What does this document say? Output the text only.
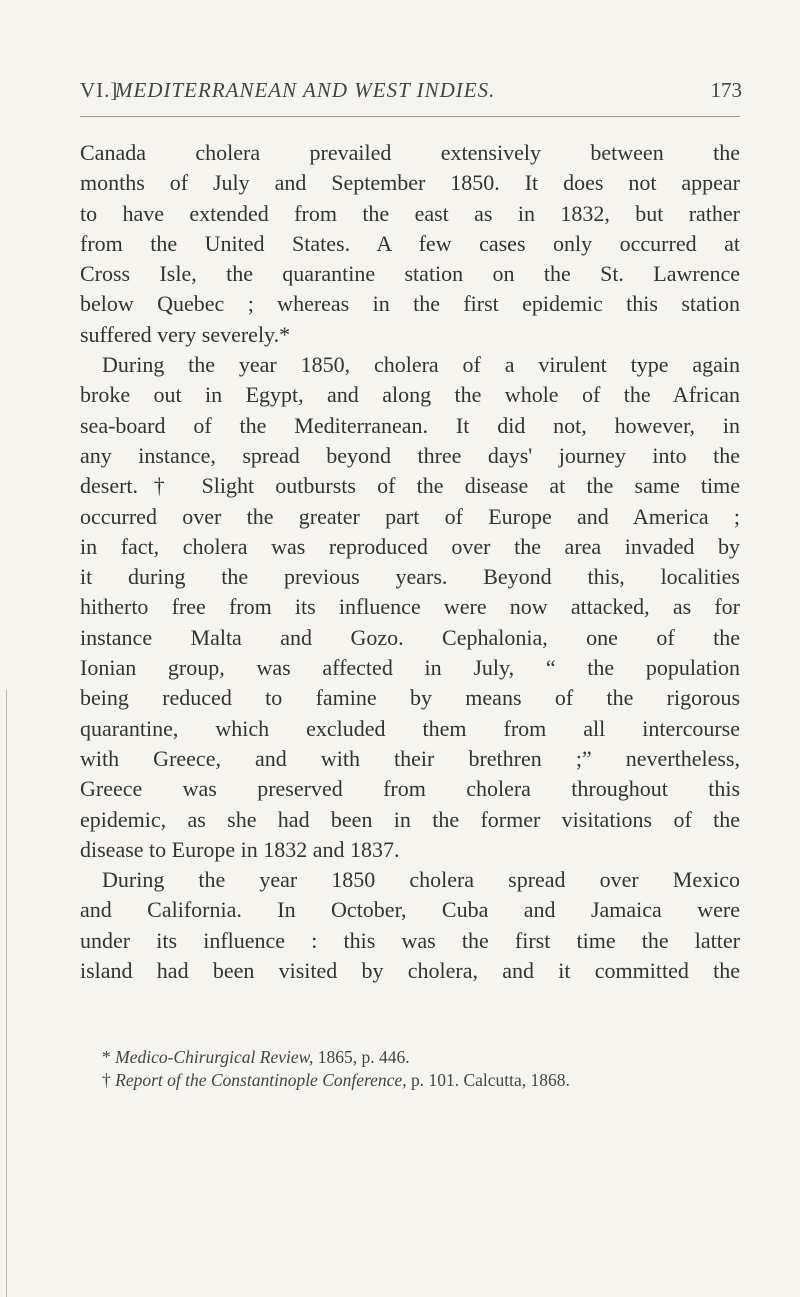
VI.]
MEDITERRANEAN AND WEST INDIES.	173
Canada cholera prevailed extensively between the
months of July and September 1850. It does not appear
to have extended from the east as in 1832, but rather
from the United States. A few cases only occurred at
Cross Isle, the quarantine station on the St. Lawrence
below Quebec ; whereas in the first epidemic this station
suffered very severely.*
During the year 1850, cholera of a virulent type again
broke out in Egypt, and along the whole of the African
sea-board of the Mediterranean. It did not, however, in
any instance, spread beyond three days' journey into the
desert.† Slight outbursts of the disease at the same time
occurred over the greater part of Europe and America ;
in fact, cholera was reproduced over the area invaded by
it during the previous years. Beyond this, localities
hitherto free from its influence were now attacked, as for
instance Malta and Gozo. Cephalonia, one of the
Ionian group, was affected in July, “ the population
being reduced to famine by means of the rigorous
quarantine, which excluded them from all intercourse
with Greece, and with their brethren ;” nevertheless,
Greece was preserved from cholera throughout this
epidemic, as she had been in the former visitations of the
disease to Europe in 1832 and 1837.
During the year 1850 cholera spread over Mexico
and California. In October, Cuba and Jamaica were
under its influence : this was the first time the latter
island had been visited by cholera, and it committed the
* Medico-Chirurgical Review, 1865, p. 446.
† Report of the Constantinople Conference, p. 101. Calcutta, 1868.
